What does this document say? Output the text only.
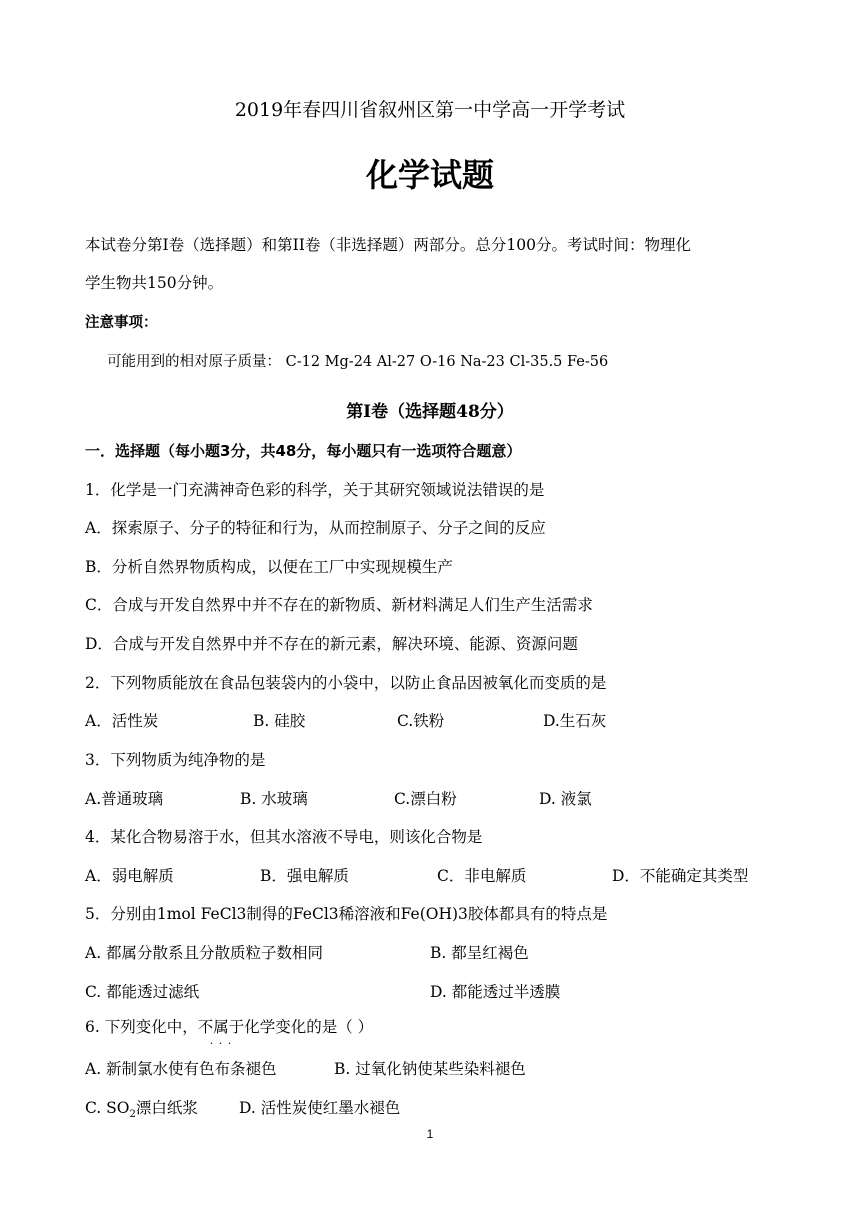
2019年春四川省叙州区第一中学高一开学考试
化学试题
本试卷分第I卷（选择题）和第II卷（非选择题）两部分。总分100分。考试时间：物理化
学生物共150分钟。
注意事项：
可能用到的相对原子质量： C-12 Mg-24 Al-27 O-16 Na-23 Cl-35.5 Fe-56
第Ⅰ卷（选择题48分）
一．选择题（每小题3分，共48分，每小题只有一选项符合题意）
1．化学是一门充满神奇色彩的科学，关于其研究领域说法错误的是
A．探索原子、分子的特征和行为，从而控制原子、分子之间的反应
B．分析自然界物质构成，以便在工厂中实现规模生产
C．合成与开发自然界中并不存在的新物质、新材料满足人们生产生活需求
D．合成与开发自然界中并不存在的新元素，解决环境、能源、资源问题
2．下列物质能放在食品包装袋内的小袋中，以防止食品因被氧化而变质的是
A．活性炭	B. 硅胶	C.铁粉	D.生石灰
3．下列物质为纯净物的是
A.普通玻璃	B. 水玻璃	C.漂白粉	D. 液氯
4．某化合物易溶于水，但其水溶液不导电，则该化合物是
A．弱电解质	B．强电解质	C．非电解质	D．不能确定其类型
5．分别由1mol FeCl3制得的FeCl3稀溶液和Fe(OH)3胶体都具有的特点是
A. 都属分散系且分散质粒子数相同	B. 都呈红褐色
C. 都能透过滤纸	D. 都能透过半透膜
6. 下列变化中，不属于 · · ·化学变化的是（ ）
A. 新制氯水使有色布条褪色	B. 过氧化钠使某些染料褪色
C. $SO_2$漂白纸浆	D. 活性炭使红墨水褪色
1
